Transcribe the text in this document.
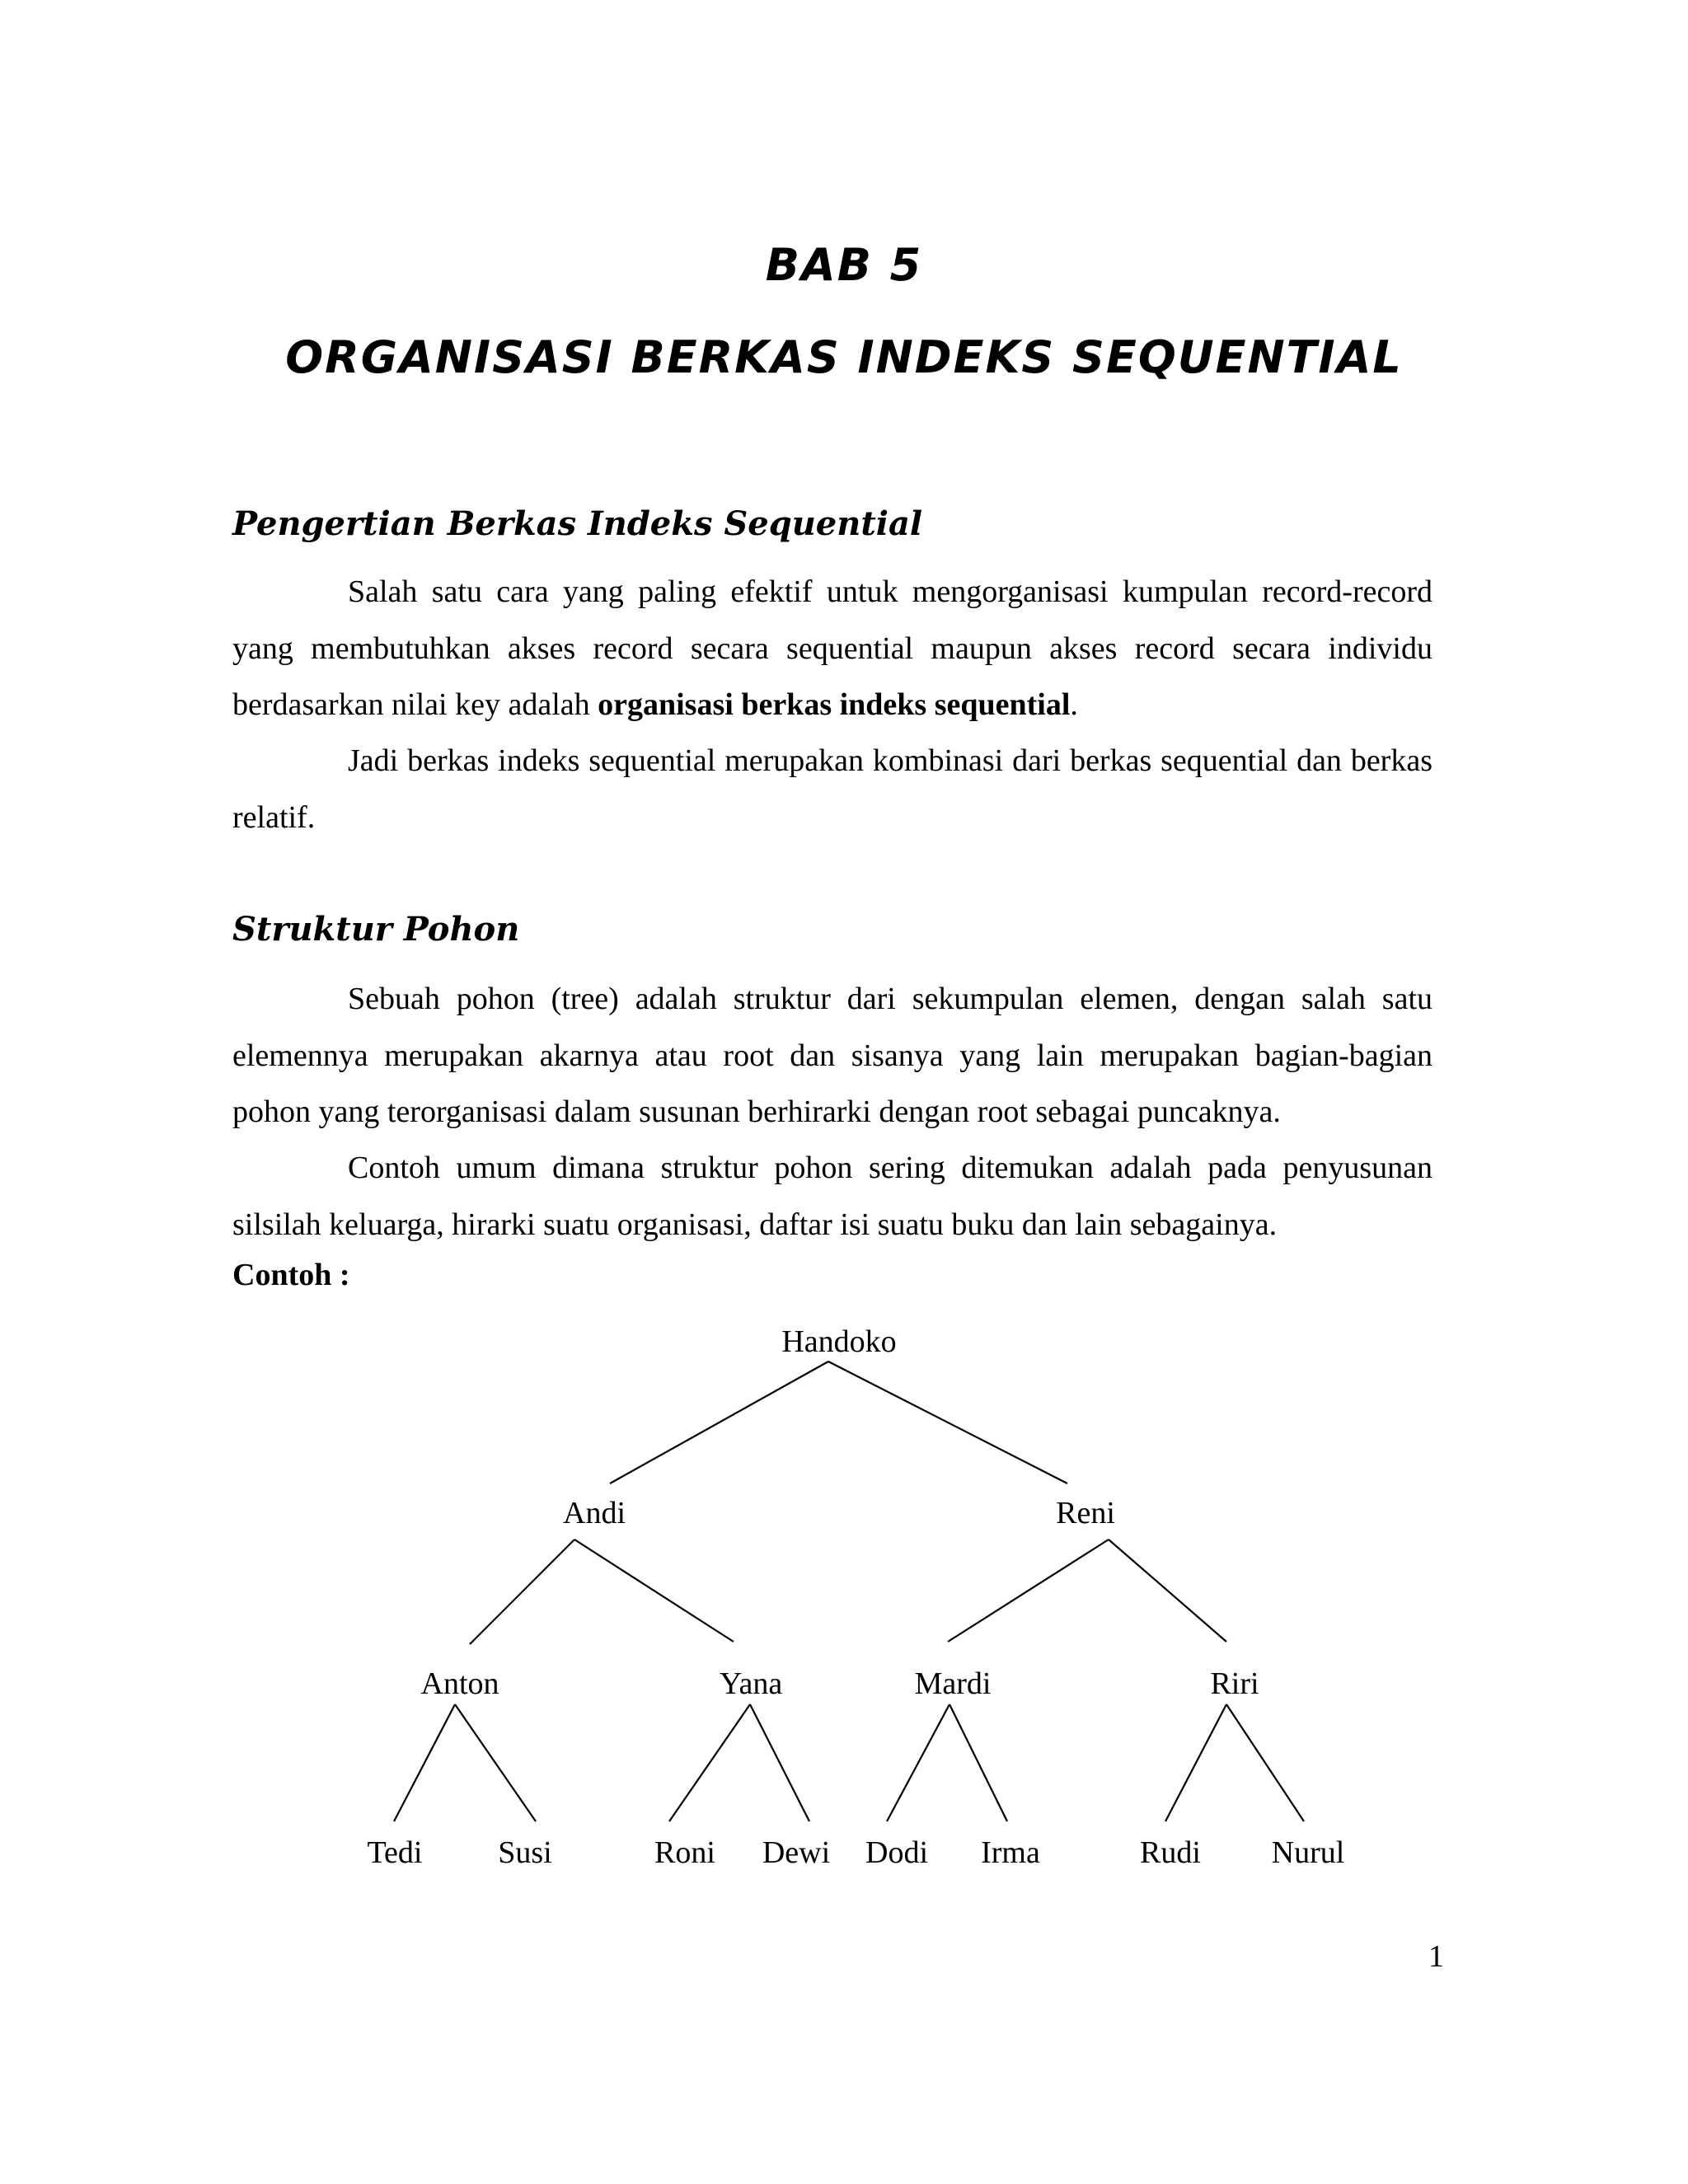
BAB 5
ORGANISASI BERKAS INDEKS SEQUENTIAL
Pengertian Berkas Indeks Sequential

Salah satu cara yang paling efektif untuk mengorganisasi kumpulan record-record yang membutuhkan akses record secara sequential maupun akses record secara individu berdasarkan nilai key adalah organisasi berkas indeks sequential.

Jadi berkas indeks sequential merupakan kombinasi dari berkas sequential dan berkas relatif.

Struktur Pohon

Sebuah pohon (tree) adalah struktur dari sekumpulan elemen, dengan salah satu elemennya merupakan akarnya atau root dan sisanya yang lain merupakan bagian-bagian pohon yang terorganisasi dalam susunan berhirarki dengan root sebagai puncaknya.

Contoh umum dimana struktur pohon sering ditemukan adalah pada penyusunan silsilah keluarga, hirarki suatu organisasi, daftar isi suatu buku dan lain sebagainya.

Contoh :

Handoko
Andi	Reni
Anton	Yana	Mardi	Riri
Tedi Susi	Roni Dewi Dodi Irma	Rudi Nurul

1
